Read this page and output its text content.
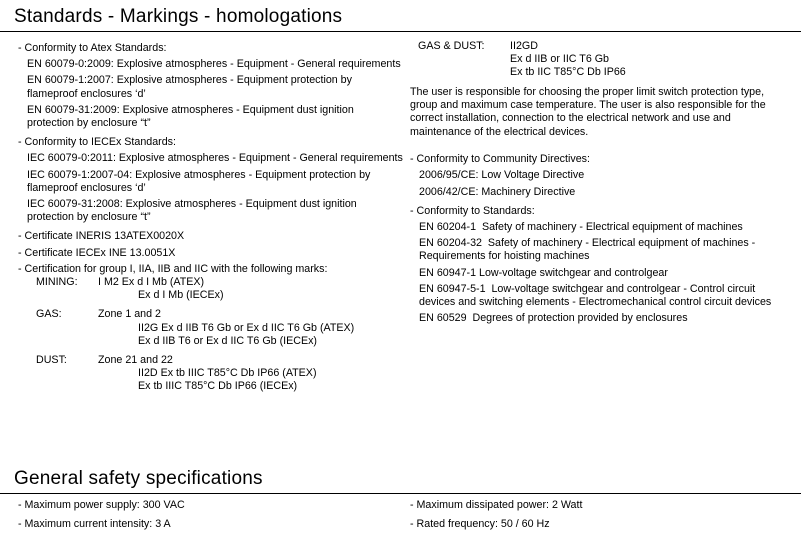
Standards - Markings - homologations
- Conformity to Atex Standards:
EN 60079-0:2009: Explosive atmospheres - Equipment - General requirements
EN 60079-1:2007: Explosive atmospheres - Equipment protection by flameproof enclosures ‘d’
EN 60079-31:2009: Explosive atmospheres - Equipment dust ignition protection by enclosure “t”
- Conformity to IECEx Standards:
IEC 60079-0:2011: Explosive atmospheres - Equipment - General requirements
IEC 60079-1:2007-04: Explosive atmospheres - Equipment protection by flameproof enclosures ‘d’
IEC 60079-31:2008: Explosive atmospheres - Equipment dust ignition protection by enclosure “t”
- Certificate INERIS 13ATEX0020X
- Certificate IECEx INE 13.0051X
- Certification for group I, IIA, IIB and IIC with the following marks:
MINING:	I M2 Ex d I Mb (ATEX)
Ex d I Mb (IECEx)
GAS:	Zone 1 and 2
II2G Ex d IIB T6 Gb or Ex d IIC T6 Gb (ATEX)
Ex d IIB T6 or Ex d IIC T6 Gb (IECEx)
DUST:	Zone 21 and 22
II2D Ex tb IIIC T85°C Db IP66 (ATEX)
Ex tb IIIC T85°C Db IP66 (IECEx)
GAS & DUST:	II2GD
Ex d IIB or IIC T6 Gb
Ex tb IIC T85°C Db IP66
The user is responsible for choosing the proper limit switch protection type, group and maximum case temperature. The user is also responsible for the correct installation, connection to the electrical network and use and maintenance of the electrical devices.
- Conformity to Community Directives:
2006/95/CE: Low Voltage Directive
2006/42/CE: Machinery Directive
- Conformity to Standards:
EN 60204-1  Safety of machinery - Electrical equipment of machines
EN 60204-32  Safety of machinery - Electrical equipment of machines - Requirements for hoisting machines
EN 60947-1 Low-voltage switchgear and controlgear
EN 60947-5-1  Low-voltage switchgear and controlgear - Control circuit devices and switching elements - Electromechanical control circuit devices
EN 60529  Degrees of protection provided by enclosures
General safety specifications
- Maximum power supply: 300 VAC
- Maximum current intensity: 3 A
- Maximum dissipated power: 2 Watt
- Rated frequency: 50 / 60 Hz
